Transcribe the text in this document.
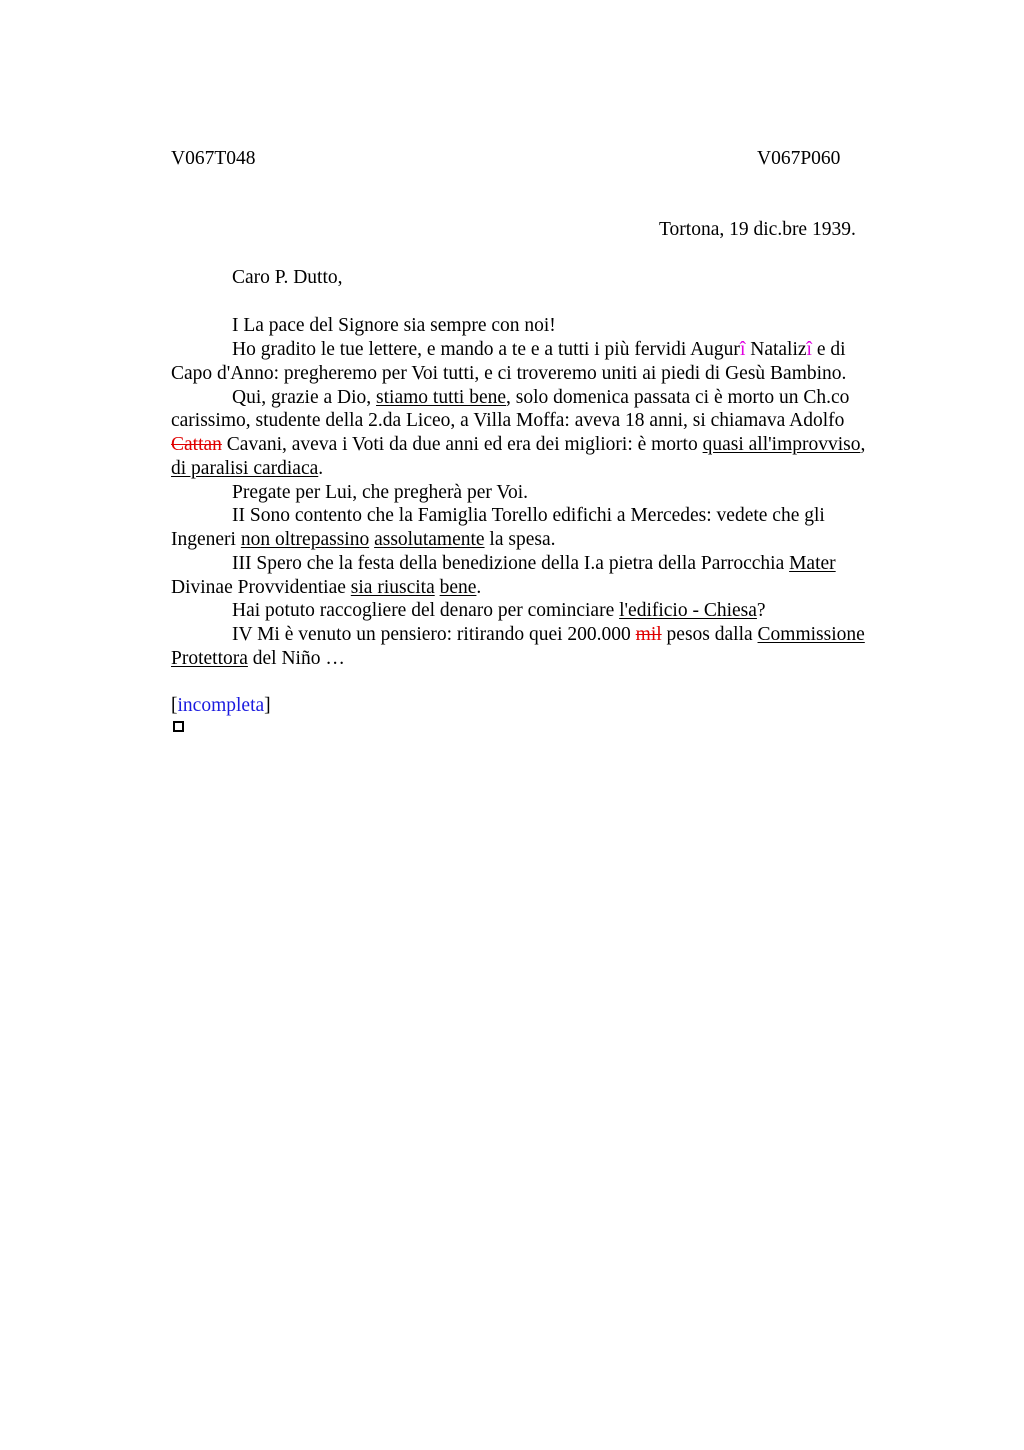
V067T048	V067P060
Tortona, 19 dic.bre 1939.
Caro P. Dutto,
I La pace del Signore sia sempre con noi!
Ho gradito le tue lettere, e mando a te e a tutti i più fervidi Augurî Natalizî e di
Capo d'Anno: pregheremo per Voi tutti, e ci troveremo uniti ai piedi di Gesù Bambino.
Qui, grazie a Dio, stiamo tutti bene, solo domenica passata ci è morto un Ch.co
carissimo, studente della 2.da Liceo, a Villa Moffa: aveva 18 anni, si chiamava Adolfo
Cattan Cavani, aveva i Voti da due anni ed era dei migliori: è morto quasi all'improvviso,
di paralisi cardiaca.
Pregate per Lui, che pregherà per Voi.
II Sono contento che la Famiglia Torello edifichi a Mercedes: vedete che gli
Ingeneri non oltrepassino assolutamente la spesa.
III Spero che la festa della benedizione della I.a pietra della Parrocchia Mater
Divinae Provvidentiae sia riuscita bene.
Hai potuto raccogliere del denaro per cominciare l'edificio - Chiesa?
IV Mi è venuto un pensiero: ritirando quei 200.000 mil pesos dalla Commissione
Protettora del Niño …
[incompleta]
